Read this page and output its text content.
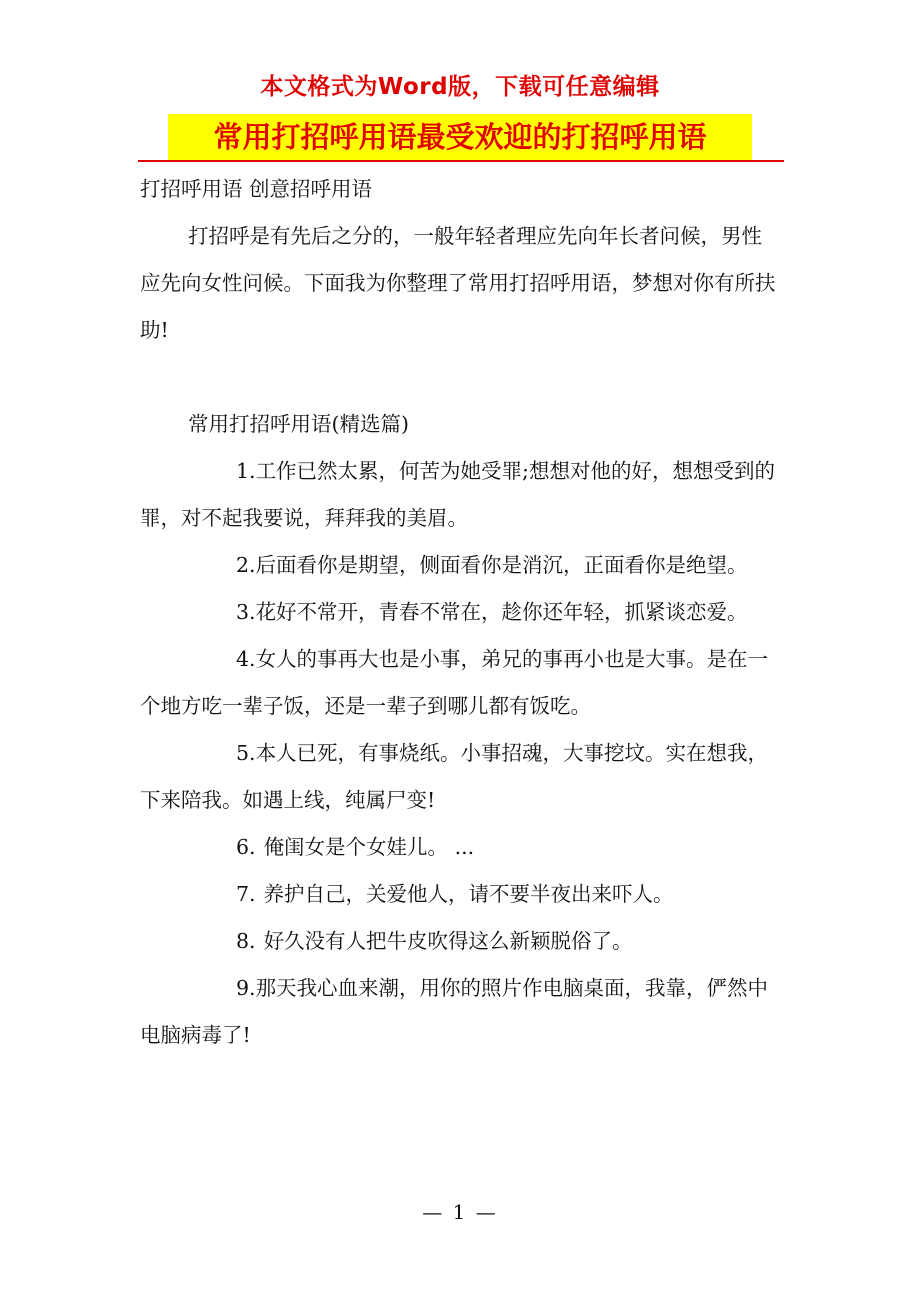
本文格式为Word版，下载可任意编辑
常用打招呼用语最受欢迎的打招呼用语

打招呼用语 创意招呼用语

打招呼是有先后之分的，一般年轻者理应先向年长者问候，男性应先向女性问候。下面我为你整理了常用打招呼用语，梦想对你有所扶助!

常用打招呼用语(精选篇)

1.工作已然太累，何苦为她受罪;想想对他的好，想想受到的罪，对不起我要说，拜拜我的美眉。

2.后面看你是期望，侧面看你是消沉，正面看你是绝望。

3.花好不常开，青春不常在，趁你还年轻，抓紧谈恋爱。

4.女人的事再大也是小事，弟兄的事再小也是大事。是在一个地方吃一辈子饭，还是一辈子到哪儿都有饭吃。

5.本人已死，有事烧纸。小事招魂，大事挖坟。实在想我，下来陪我。如遇上线，纯属尸变!

6. 俺闺女是个女娃儿。 ...

7. 养护自己，关爱他人，请不要半夜出来吓人。

8. 好久没有人把牛皮吹得这么新颖脱俗了。

9.那天我心血来潮，用你的照片作电脑桌面，我靠，俨然中电脑病毒了!

— 1 —
